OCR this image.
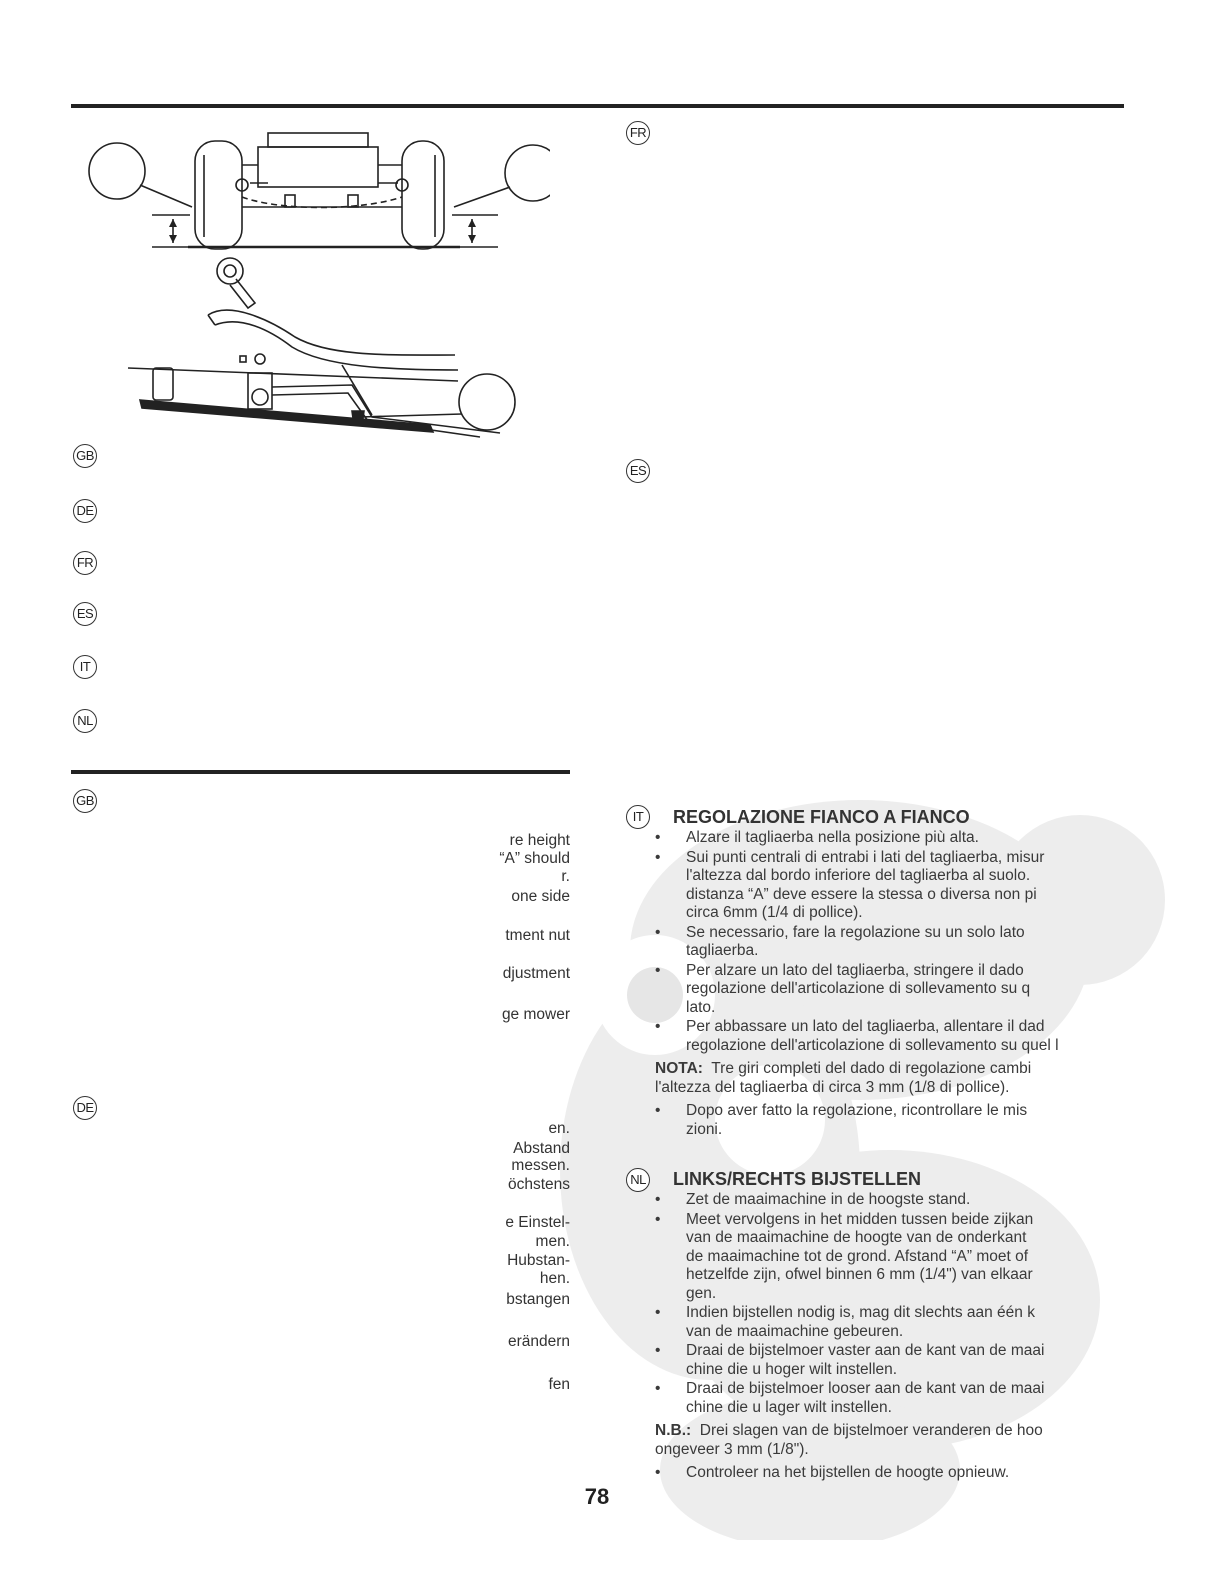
GB
DE
FR
ES
IT
NL
FR
ES
GB
re height
“A” should
r.
one side
tment nut
djustment
ge mower
DE
en.
Abstand
messen.
öchstens
e Einstel-
men.
Hubstan-
hen.
bstangen
erändern
fen
IT	REGOLAZIONE FIANCO A FIANCO
• Alzare il tagliaerba nella posizione più alta.
• Sui punti centrali di entrabi i lati del tagliaerba, misur
l'altezza dal bordo inferiore del tagliaerba al suolo.
distanza “A” deve essere la stessa o diversa non pi
circa 6mm (1/4 di pollice).
• Se necessario, fare la regolazione su un solo lato
tagliaerba.
• Per alzare un lato del tagliaerba, stringere il dado
regolazione dell'articolazione di sollevamento su q
lato.
• Per abbassare un lato del tagliaerba, allentare il dad
regolazione dell'articolazione di sollevamento su quel l
NOTA: Tre giri completi del dado di regolazione cambi
l'altezza del tagliaerba di circa 3 mm (1/8 di pollice).
• Dopo aver fatto la regolazione, ricontrollare le mis
zioni.
NL LINKS/RECHTS BIJSTELLEN
• Zet de maaimachine in de hoogste stand.
• Meet vervolgens in het midden tussen beide zijkan
van de maaimachine de hoogte van de onderkant
de maaimachine tot de grond. Afstand “A” moet of
hetzelfde zijn, ofwel binnen 6 mm (1/4") van elkaar
gen.
• Indien bijstellen nodig is, mag dit slechts aan één k
van de maaimachine gebeuren.
• Draai de bijstelmoer vaster aan de kant van de maai
chine die u hoger wilt instellen.
• Draai de bijstelmoer looser aan de kant van de maai
chine die u lager wilt instellen.
N.B.: Drei slagen van de bijstelmoer veranderen de hoo
ongeveer 3 mm (1/8").
• Controleer na het bijstellen de hoogte opnieuw.
78
